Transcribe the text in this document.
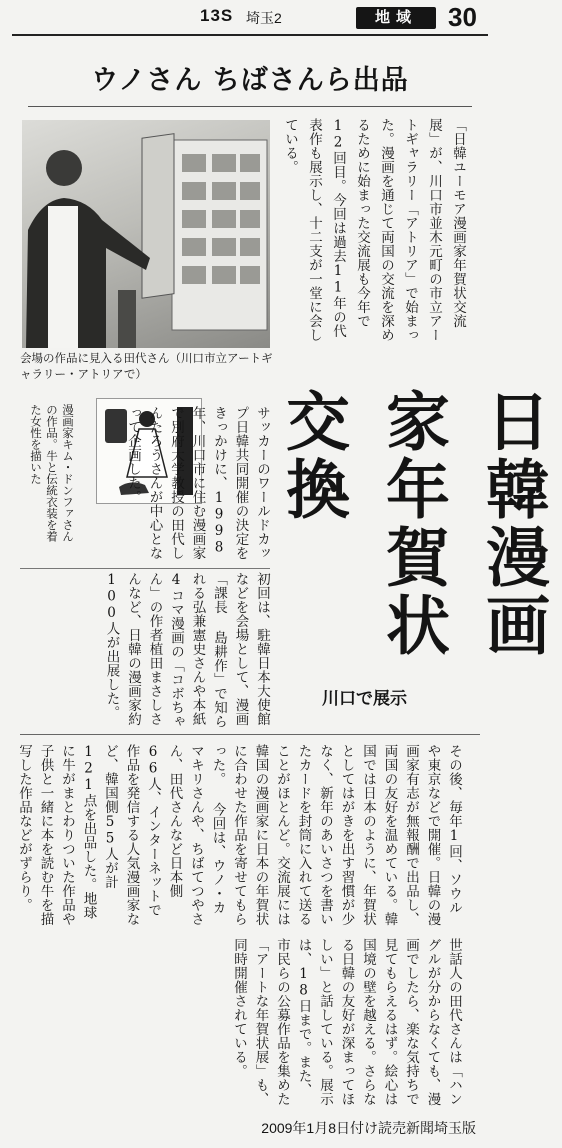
13S 埼玉2	地域	30
ウノさん ちばさんら出品
会場の作品に見入る田代さん（川口市立アートギャラリー・アトリアで）
「日韓ユーモア漫画家年賀状交流展」が、川口市並木元町の市立アートギャラリー「アトリア」で始まった。漫画を通じて両国の交流を深めるために始まった交流展も今年で12回目。今回は過去11年の代表作も展示し、十二支が一堂に会している。
日韓漫画家年賀状交換
川口で展示
漫画家キム・ドンファさんの作品。牛と伝統衣装を着た女性を描いた	サッカーのワールドカップ日韓共同開催の決定をきっかけに、1998年、川口市に住む漫画家で別府大学教授の田代しんたろうさんが中心となって企画した。
初回は、駐韓日本大使館などを会場として、漫画「課長 島耕作」で知られる弘兼憲史さんや本紙4コマ漫画の「コボちゃん」の作者植田まさしさんなど、日韓の漫画家約100人が出展した。
その後、毎年1回、ソウルや東京などで開催。日韓の漫画家有志が無報酬で出品し、両国の友好を温めている。韓国では日本のように、年賀状としてはがきを出す習慣が少なく、新年のあいさつを書いたカードを封筒に入れて送ることがほとんど。交流展には韓国の漫画家に日本の年賀状に合わせた作品を寄せてもらった。 今回は、ウノ・カマキリさんや、ちばてつやさん、田代さんなど日本側66人、インターネットで作品を発信する人気漫画家など、韓国側55人が計121点を出品した。地球に牛がまとわりついた作品や子供と一緒に本を読む牛を描写した作品などがずらり。
世話人の田代さんは「ハングルが分からなくても、漫画でしたら、楽な気持ちで見てもらえるはず。絵心は国境の壁を越える。さらなる日韓の友好が深まってほしい」と話している。展示は、18日まで。また、市民らの公募作品を集めた「アートな年賀状展」も、同時開催されている。
2009年1月8日付け読売新聞埼玉版
